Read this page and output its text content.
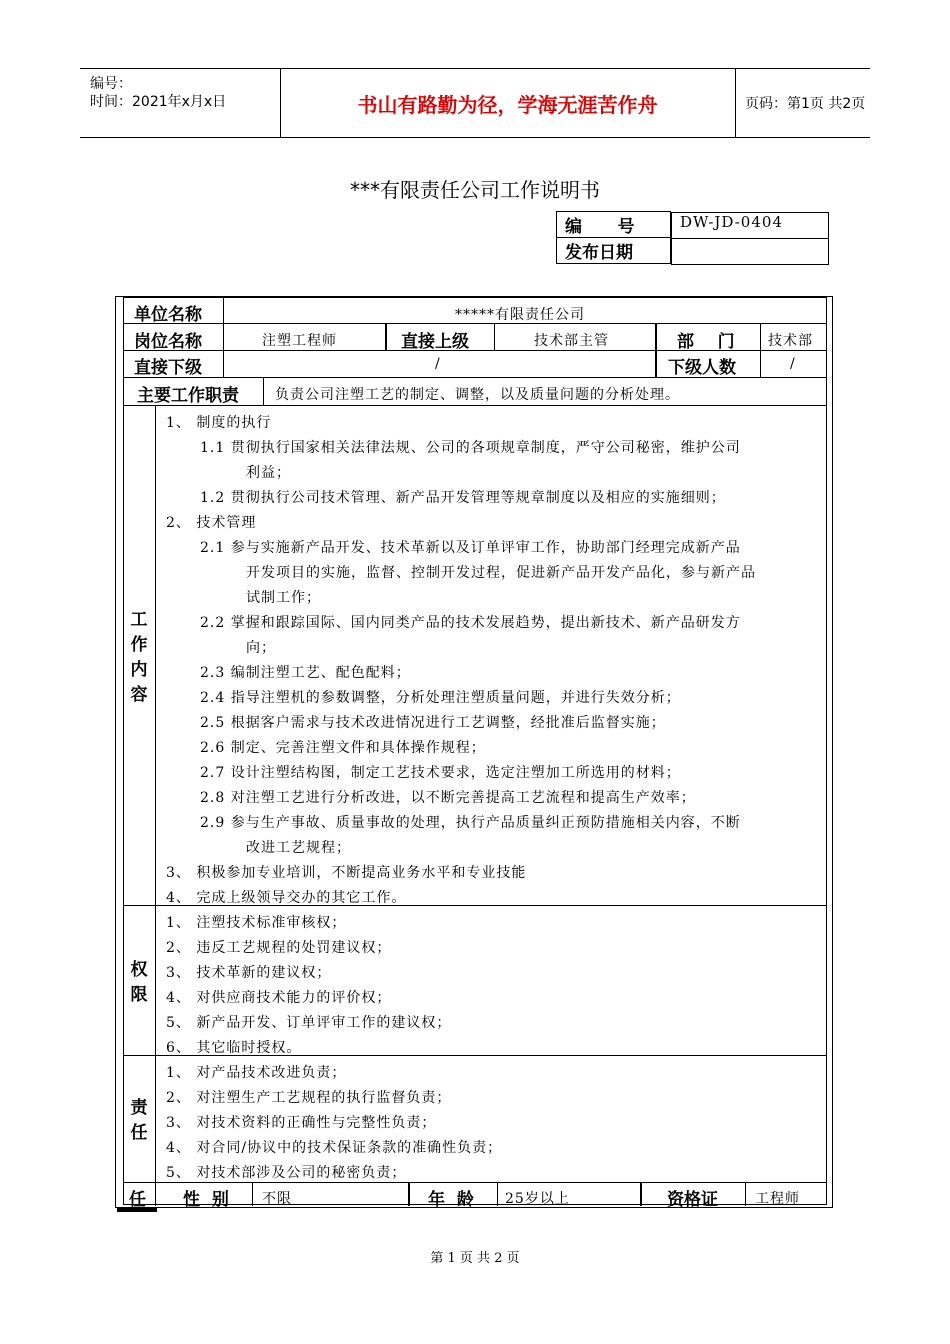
编号：
时间：2021年x月x日	书山有路勤为径，学海无涯苦作舟	页码：第1页 共2页
***有限责任公司工作说明书
编      号		DW-JD-0404

发布日期	
单位名称	*****有限责任公司
岗位名称	注塑工程师	直接上级	技术部主管	部    门 技术部
直接下级	/	下级人数	/
主要工作职责	负责公司注塑工艺的制定、调整，以及质量问题的分析处理。
工
作
内
容
1、 制度的执行
1.1 贯彻执行国家相关法律法规、公司的各项规章制度，严守公司秘密，维护公司
利益；
1.2 贯彻执行公司技术管理、新产品开发管理等规章制度以及相应的实施细则；
2、 技术管理
2.1 参与实施新产品开发、技术革新以及订单评审工作，协助部门经理完成新产品
开发项目的实施，监督、控制开发过程，促进新产品开发产品化，参与新产品
试制工作；
2.2 掌握和跟踪国际、国内同类产品的技术发展趋势，提出新技术、新产品研发方
向；
2.3 编制注塑工艺、配色配料；
2.4 指导注塑机的参数调整，分析处理注塑质量问题，并进行失效分析；
2.5 根据客户需求与技术改进情况进行工艺调整，经批准后监督实施；
2.6 制定、完善注塑文件和具体操作规程；
2.7 设计注塑结构图，制定工艺技术要求，选定注塑加工所选用的材料；
2.8 对注塑工艺进行分析改进，以不断完善提高工艺流程和提高生产效率；
2.9 参与生产事故、质量事故的处理，执行产品质量纠正预防措施相关内容，不断
改进工艺规程；
3、 积极参加专业培训，不断提高业务水平和专业技能
4、 完成上级领导交办的其它工作。
权
限
1、 注塑技术标准审核权；
2、 违反工艺规程的处罚建议权；
3、 技术革新的建议权；
4、 对供应商技术能力的评价权；
5、 新产品开发、订单评审工作的建议权；
6、 其它临时授权。
责
任
1、 对产品技术改进负责；
2、 对注塑生产工艺规程的执行监督负责；
3、 对技术资料的正确性与完整性负责；
4、 对合同/协议中的技术保证条款的准确性负责；
5、 对技术部涉及公司的秘密负责；
任 性  别 不限	年  龄 25岁以上	资格证	工程师
第 1 页 共 2 页
